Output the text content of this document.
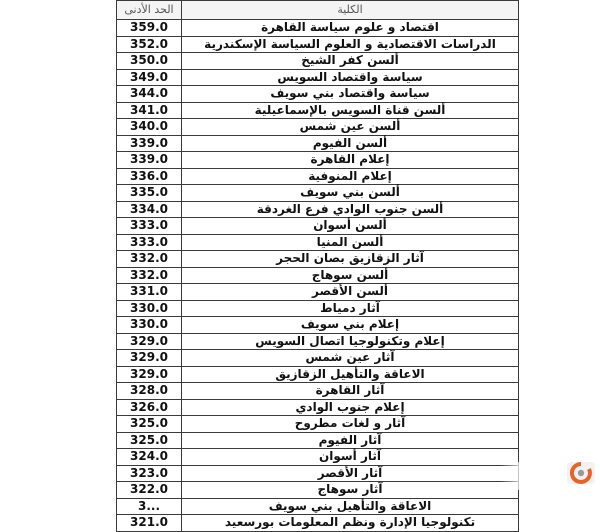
الحد الأدنى	الكلية
359.0	اقتصاد و علوم سياسة القاهرة
352.0	الدراسات الاقتصادية و العلوم السياسة الإسكندرية
350.0	ألسن كفر الشيخ
349.0	سياسة واقتصاد السويس
344.0	سياسة واقتصاد بني سويف
341.0	ألسن قناة السويس بالإسماعيلية
340.0	ألسن عين شمس
339.0	ألسن الفيوم
339.0	إعلام القاهرة
336.0	إعلام المنوفية
335.0	ألسن بني سويف
334.0	ألسن جنوب الوادي فرع الغردقة
333.0	ألسن أسوان
333.0	ألسن المنيا
332.0	آثار الزقازيق بصان الحجر
332.0	ألسن سوهاج
331.0	ألسن الأقصر
330.0	آثار دمياط
330.0	إعلام بني سويف
329.0	إعلام وتكنولوجيا اتصال السويس
329.0	آثار عين شمس
329.0	الاعاقة والتأهيل الزقازيق
328.0	آثار القاهرة
326.0	إعلام جنوب الوادي
325.0	آثار و لغات مطروح
325.0	آثار الفيوم
324.0	آثار أسوان
323.0	آثار الأقصر
322.0	آثار سوهاج
3...	الاعاقة والتأهيل بني سويف
321.0	تكنولوجيا الإدارة ونظم المعلومات بورسعيد
